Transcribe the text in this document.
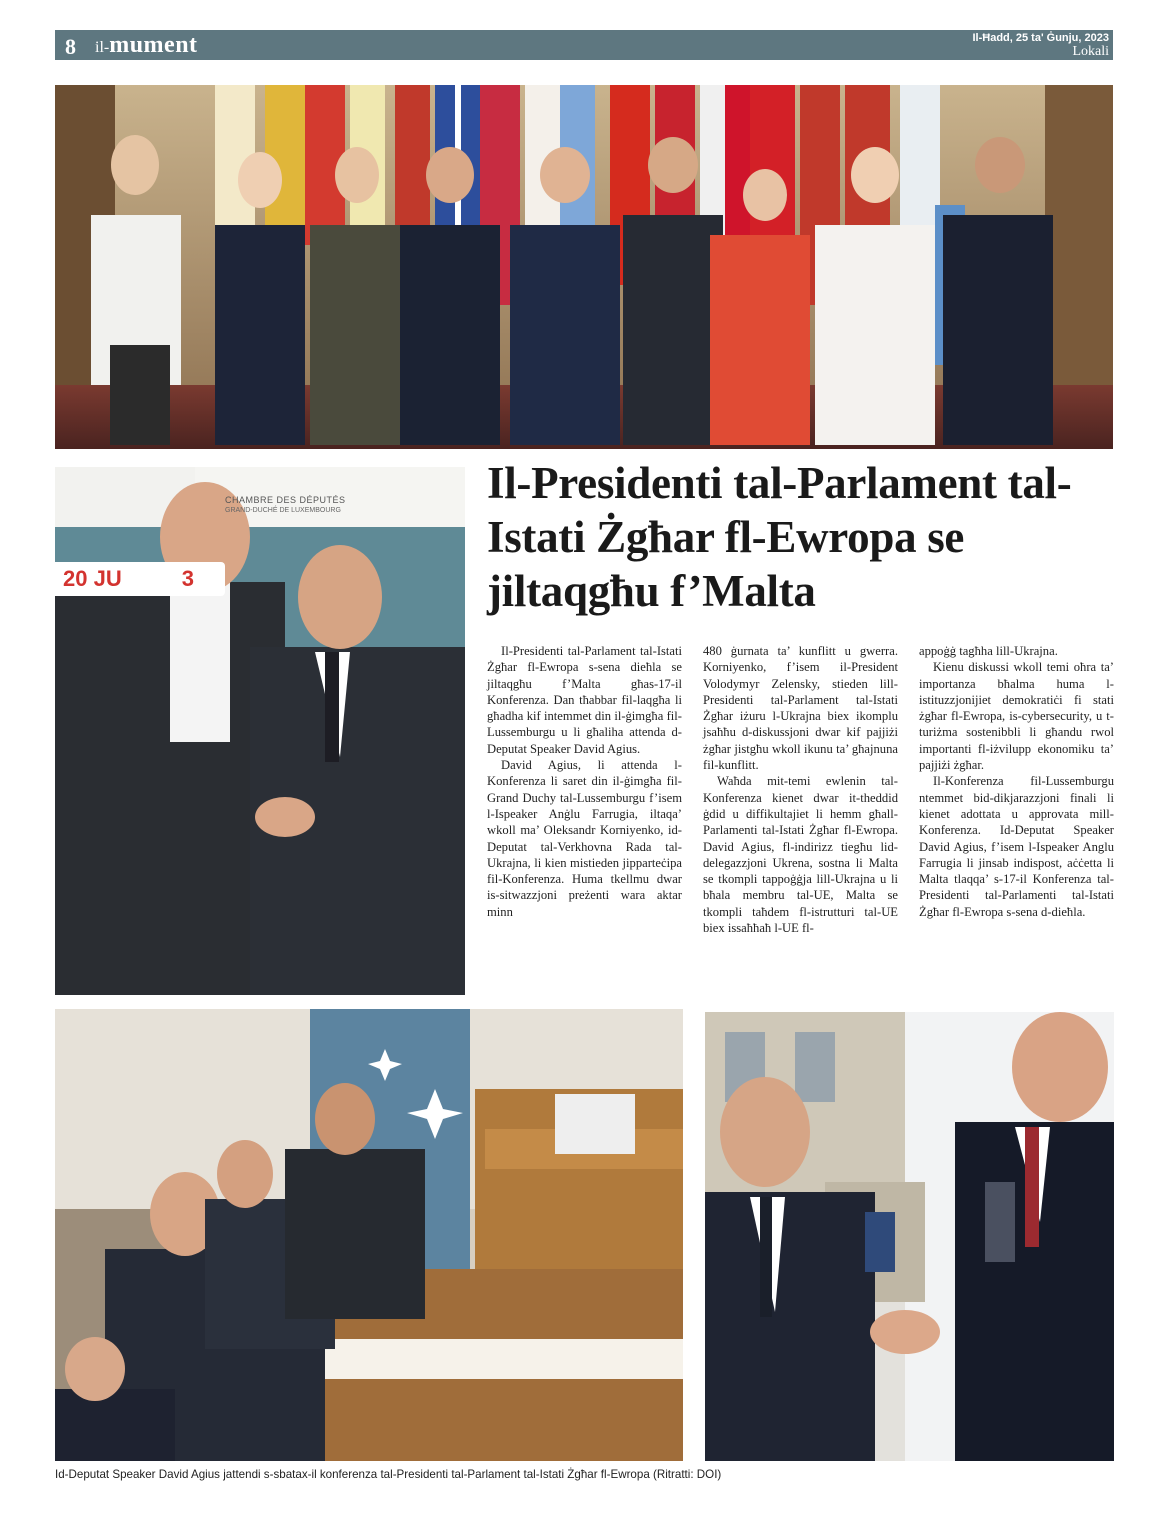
8 il-mument	Il-Ħadd, 25 ta' Ġunju, 2023
Lokali
CHAMBRE DES DÉPUTÉS
GRAND-DUCHÉ DE LUXEMBOURG
20 JU	3
Il-Presidenti tal-Parlament tal-Istati Żgħar fl-Ewropa se jiltaqgħu f’Malta

Il-Presidenti tal-Parlament tal-Istati Żgħar fl-Ewropa s-sena dieħla se jiltaqgħu f’Malta għas-17-il Konferenza. Dan tħabbar fil-laqgħa li għadha kif intemmet din il-ġimgħa fil-Lussemburgu u li għaliha attenda d-Deputat Speaker David Agius.

David Agius, li attenda l-Konferenza li saret din il-ġimgħa fil-Grand Duchy tal-Lussemburgu f’isem l-Ispeaker Anġlu Farrugia, iltaqa’ wkoll ma’ Oleksandr Korniyenko, id-Deputat tal-Verkhovna Rada tal-Ukrajna, li kien mistieden jipparteċipa fil-Konferenza. Huma tkellmu dwar is-sitwazzjoni preżenti wara aktar minn

480 ġurnata ta’ kunflitt u gwerra. Korniyenko, f’isem il-President Volodymyr Zelensky, stieden lill-Presidenti tal-Parlament tal-Istati Żgħar iżuru l-Ukrajna biex ikomplu jsaħħu d-diskussjoni dwar kif pajjiżi żgħar jistgħu wkoll ikunu ta’ għajnuna fil-kunflitt.

Waħda mit-temi ewlenin tal-Konferenza kienet dwar it-theddid ġdid u diffikultajiet li hemm għall-Parlamenti tal-Istati Żgħar fl-Ewropa. David Agius, fl-indirizz tiegħu lid-delegazzjoni Ukrena, sostna li Malta se tkompli tappoġġja lill-Ukrajna u li bħala membru tal-UE, Malta se tkompli taħdem fl-istrutturi tal-UE biex issaħħaħ l-UE fl-

appoġġ tagħha lill-Ukrajna.

Kienu diskussi wkoll temi oħra ta’ importanza bħalma huma l-istituzzjonijiet demokratiċi fi stati żgħar fl-Ewropa, is-cybersecurity, u t-turiżma sostenibbli li għandu rwol importanti fl-iżvilupp ekonomiku ta’ pajjiżi żgħar.

Il-Konferenza fil-Lussemburgu ntemmet bid-dikjarazzjoni finali li kienet adottata u approvata mill-Konferenza. Id-Deputat Speaker David Agius, f’isem l-Ispeaker Anglu Farrugia li jinsab indispost, aċċetta li Malta tlaqqa’ s-17-il Konferenza tal-Presidenti tal-Parlamenti tal-Istati Żgħar fl-Ewropa s-sena d-dieħla.

Id-Deputat Speaker David Agius jattendi s-sbatax-il konferenza tal-Presidenti tal-Parlament tal-Istati Żgħar fl-Ewropa (Ritratti: DOI)
